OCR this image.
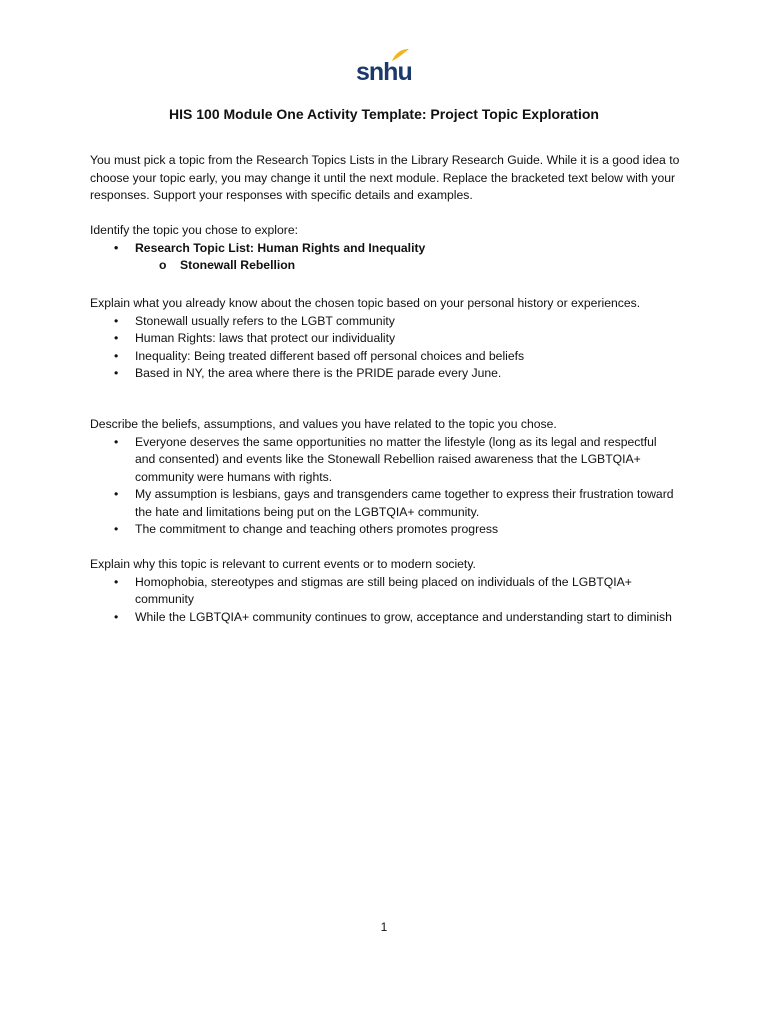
snhu
HIS 100 Module One Activity Template: Project Topic Exploration

You must pick a topic from the Research Topics Lists in the Library Research Guide. While it is a good idea to choose your topic early, you may change it until the next module. Replace the bracketed text below with your responses. Support your responses with specific details and examples.

Identify the topic you chose to explore:

• Research Topic List: Human Rights and Inequality
o Stonewall Rebellion

Explain what you already know about the chosen topic based on your personal history or experiences.

• Stonewall usually refers to the LGBT community
• Human Rights: laws that protect our individuality
• Inequality: Being treated different based off personal choices and beliefs
• Based in NY, the area where there is the PRIDE parade every June.

Describe the beliefs, assumptions, and values you have related to the topic you chose.

• Everyone deserves the same opportunities no matter the lifestyle (long as its legal and respectful and consented) and events like the Stonewall Rebellion raised awareness that the LGBTQIA+ community were humans with rights.
• My assumption is lesbians, gays and transgenders came together to express their frustration toward the hate and limitations being put on the LGBTQIA+ community.
• The commitment to change and teaching others promotes progress

Explain why this topic is relevant to current events or to modern society.

• Homophobia, stereotypes and stigmas are still being placed on individuals of the LGBTQIA+ community
• While the LGBTQIA+ community continues to grow, acceptance and understanding start to diminish
1
